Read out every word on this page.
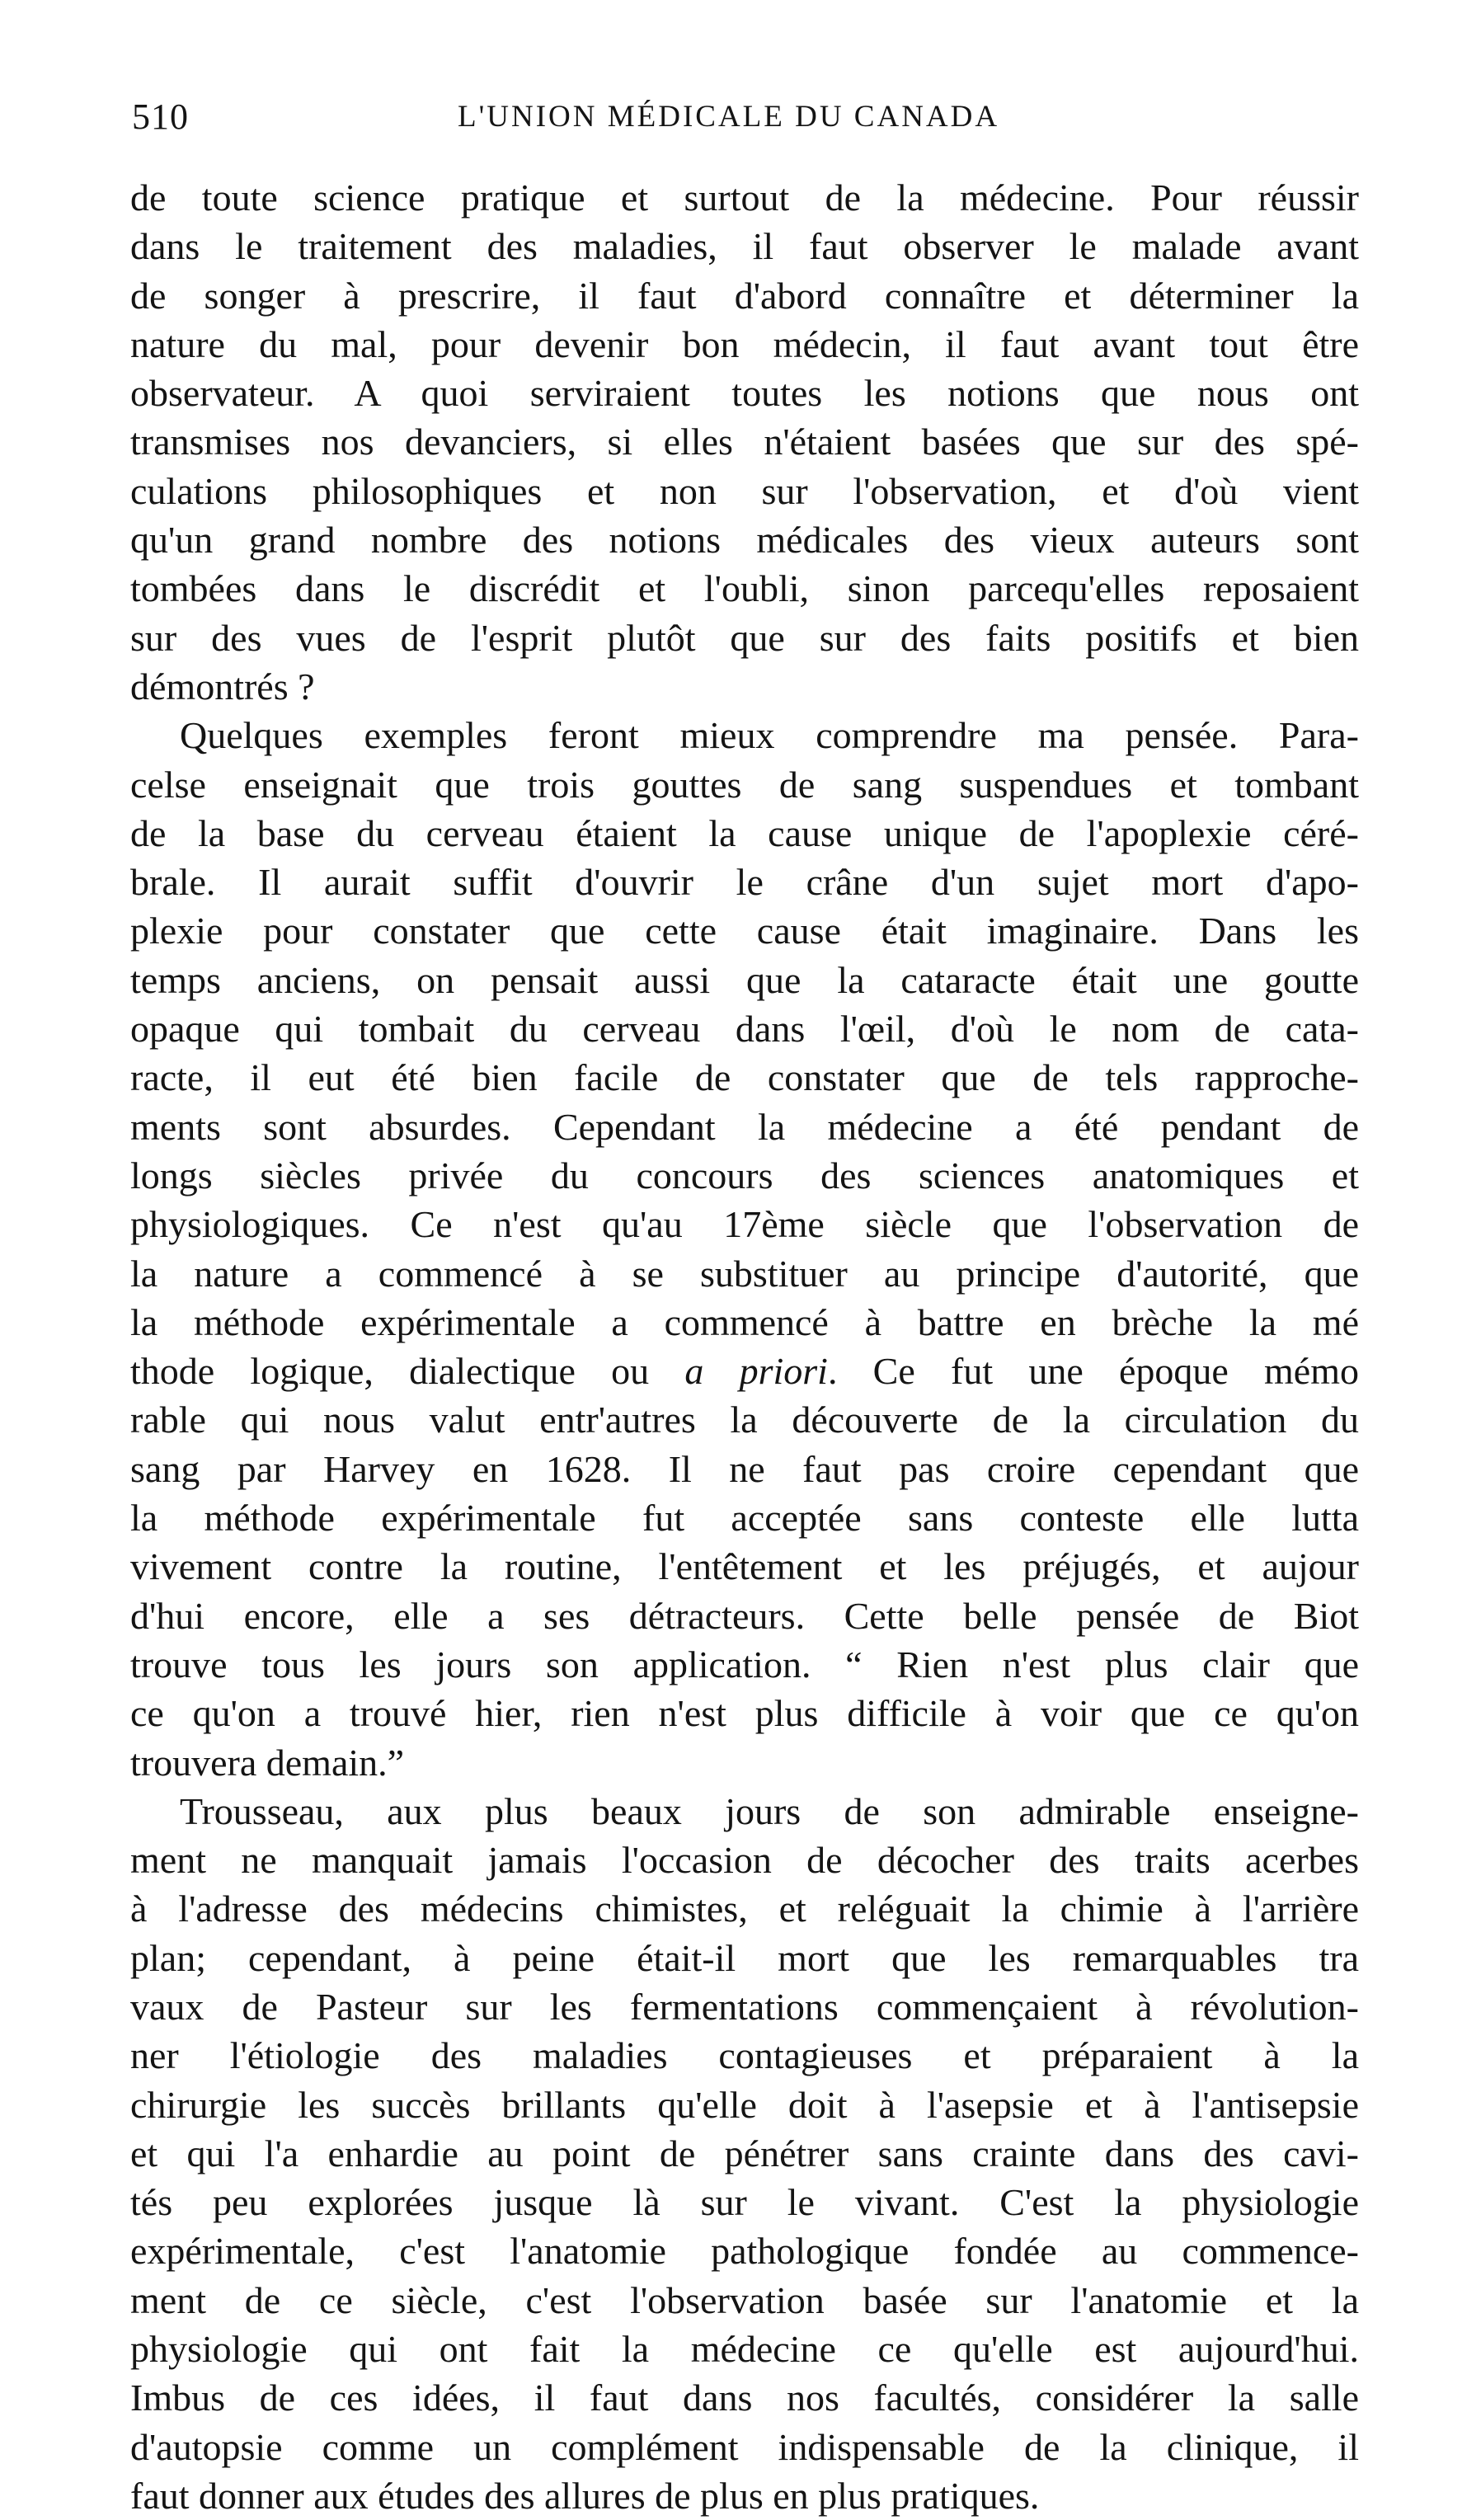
510	L'UNION MÉDICALE DU CANADA
de toute science pratique et surtout de la médecine. Pour réussir
dans le traitement des maladies, il faut observer le malade avant
de songer à prescrire, il faut d'abord connaître et déterminer la
nature du mal, pour devenir bon médecin, il faut avant tout être
observateur. A quoi serviraient toutes les notions que nous ont
transmises nos devanciers, si elles n'étaient basées que sur des spé-
culations philosophiques et non sur l'observation, et d'où vient
qu'un grand nombre des notions médicales des vieux auteurs sont
tombées dans le discrédit et l'oubli, sinon parcequ'elles reposaient
sur des vues de l'esprit plutôt que sur des faits positifs et bien
démontrés ?
Quelques exemples feront mieux comprendre ma pensée. Para-
celse enseignait que trois gouttes de sang suspendues et tombant
de la base du cerveau étaient la cause unique de l'apoplexie céré-
brale. Il aurait suffit d'ouvrir le crâne d'un sujet mort d'apo-
plexie pour constater que cette cause était imaginaire. Dans les
temps anciens, on pensait aussi que la cataracte était une goutte
opaque qui tombait du cerveau dans l'œil, d'où le nom de cata-
racte, il eut été bien facile de constater que de tels rapproche-
ments sont absurdes. Cependant la médecine a été pendant de
longs siècles privée du concours des sciences anatomiques et
physiologiques. Ce n'est qu'au 17ème siècle que l'observation de
la nature a commencé à se substituer au principe d'autorité, que
la méthode expérimentale a commencé à battre en brèche la mé
thode logique, dialectique ou a priori. Ce fut une époque mémo
rable qui nous valut entr'autres la découverte de la circulation du
sang par Harvey en 1628. Il ne faut pas croire cependant que
la méthode expérimentale fut acceptée sans conteste elle lutta
vivement contre la routine, l'entêtement et les préjugés, et aujour
d'hui encore, elle a ses détracteurs. Cette belle pensée de Biot
trouve tous les jours son application. “ Rien n'est plus clair que
ce qu'on a trouvé hier, rien n'est plus difficile à voir que ce qu'on
trouvera demain.”
Trousseau, aux plus beaux jours de son admirable enseigne-
ment ne manquait jamais l'occasion de décocher des traits acerbes
à l'adresse des médecins chimistes, et reléguait la chimie à l'arrière
plan; cependant, à peine était-il mort que les remarquables tra
vaux de Pasteur sur les fermentations commençaient à révolution-
ner l'étiologie des maladies contagieuses et préparaient à la
chirurgie les succès brillants qu'elle doit à l'asepsie et à l'antisepsie
et qui l'a enhardie au point de pénétrer sans crainte dans des cavi-
tés peu explorées jusque là sur le vivant. C'est la physiologie
expérimentale, c'est l'anatomie pathologique fondée au commence-
ment de ce siècle, c'est l'observation basée sur l'anatomie et la
physiologie qui ont fait la médecine ce qu'elle est aujourd'hui.
Imbus de ces idées, il faut dans nos facultés, considérer la salle
d'autopsie comme un complément indispensable de la clinique, il
faut donner aux études des allures de plus en plus pratiques.
